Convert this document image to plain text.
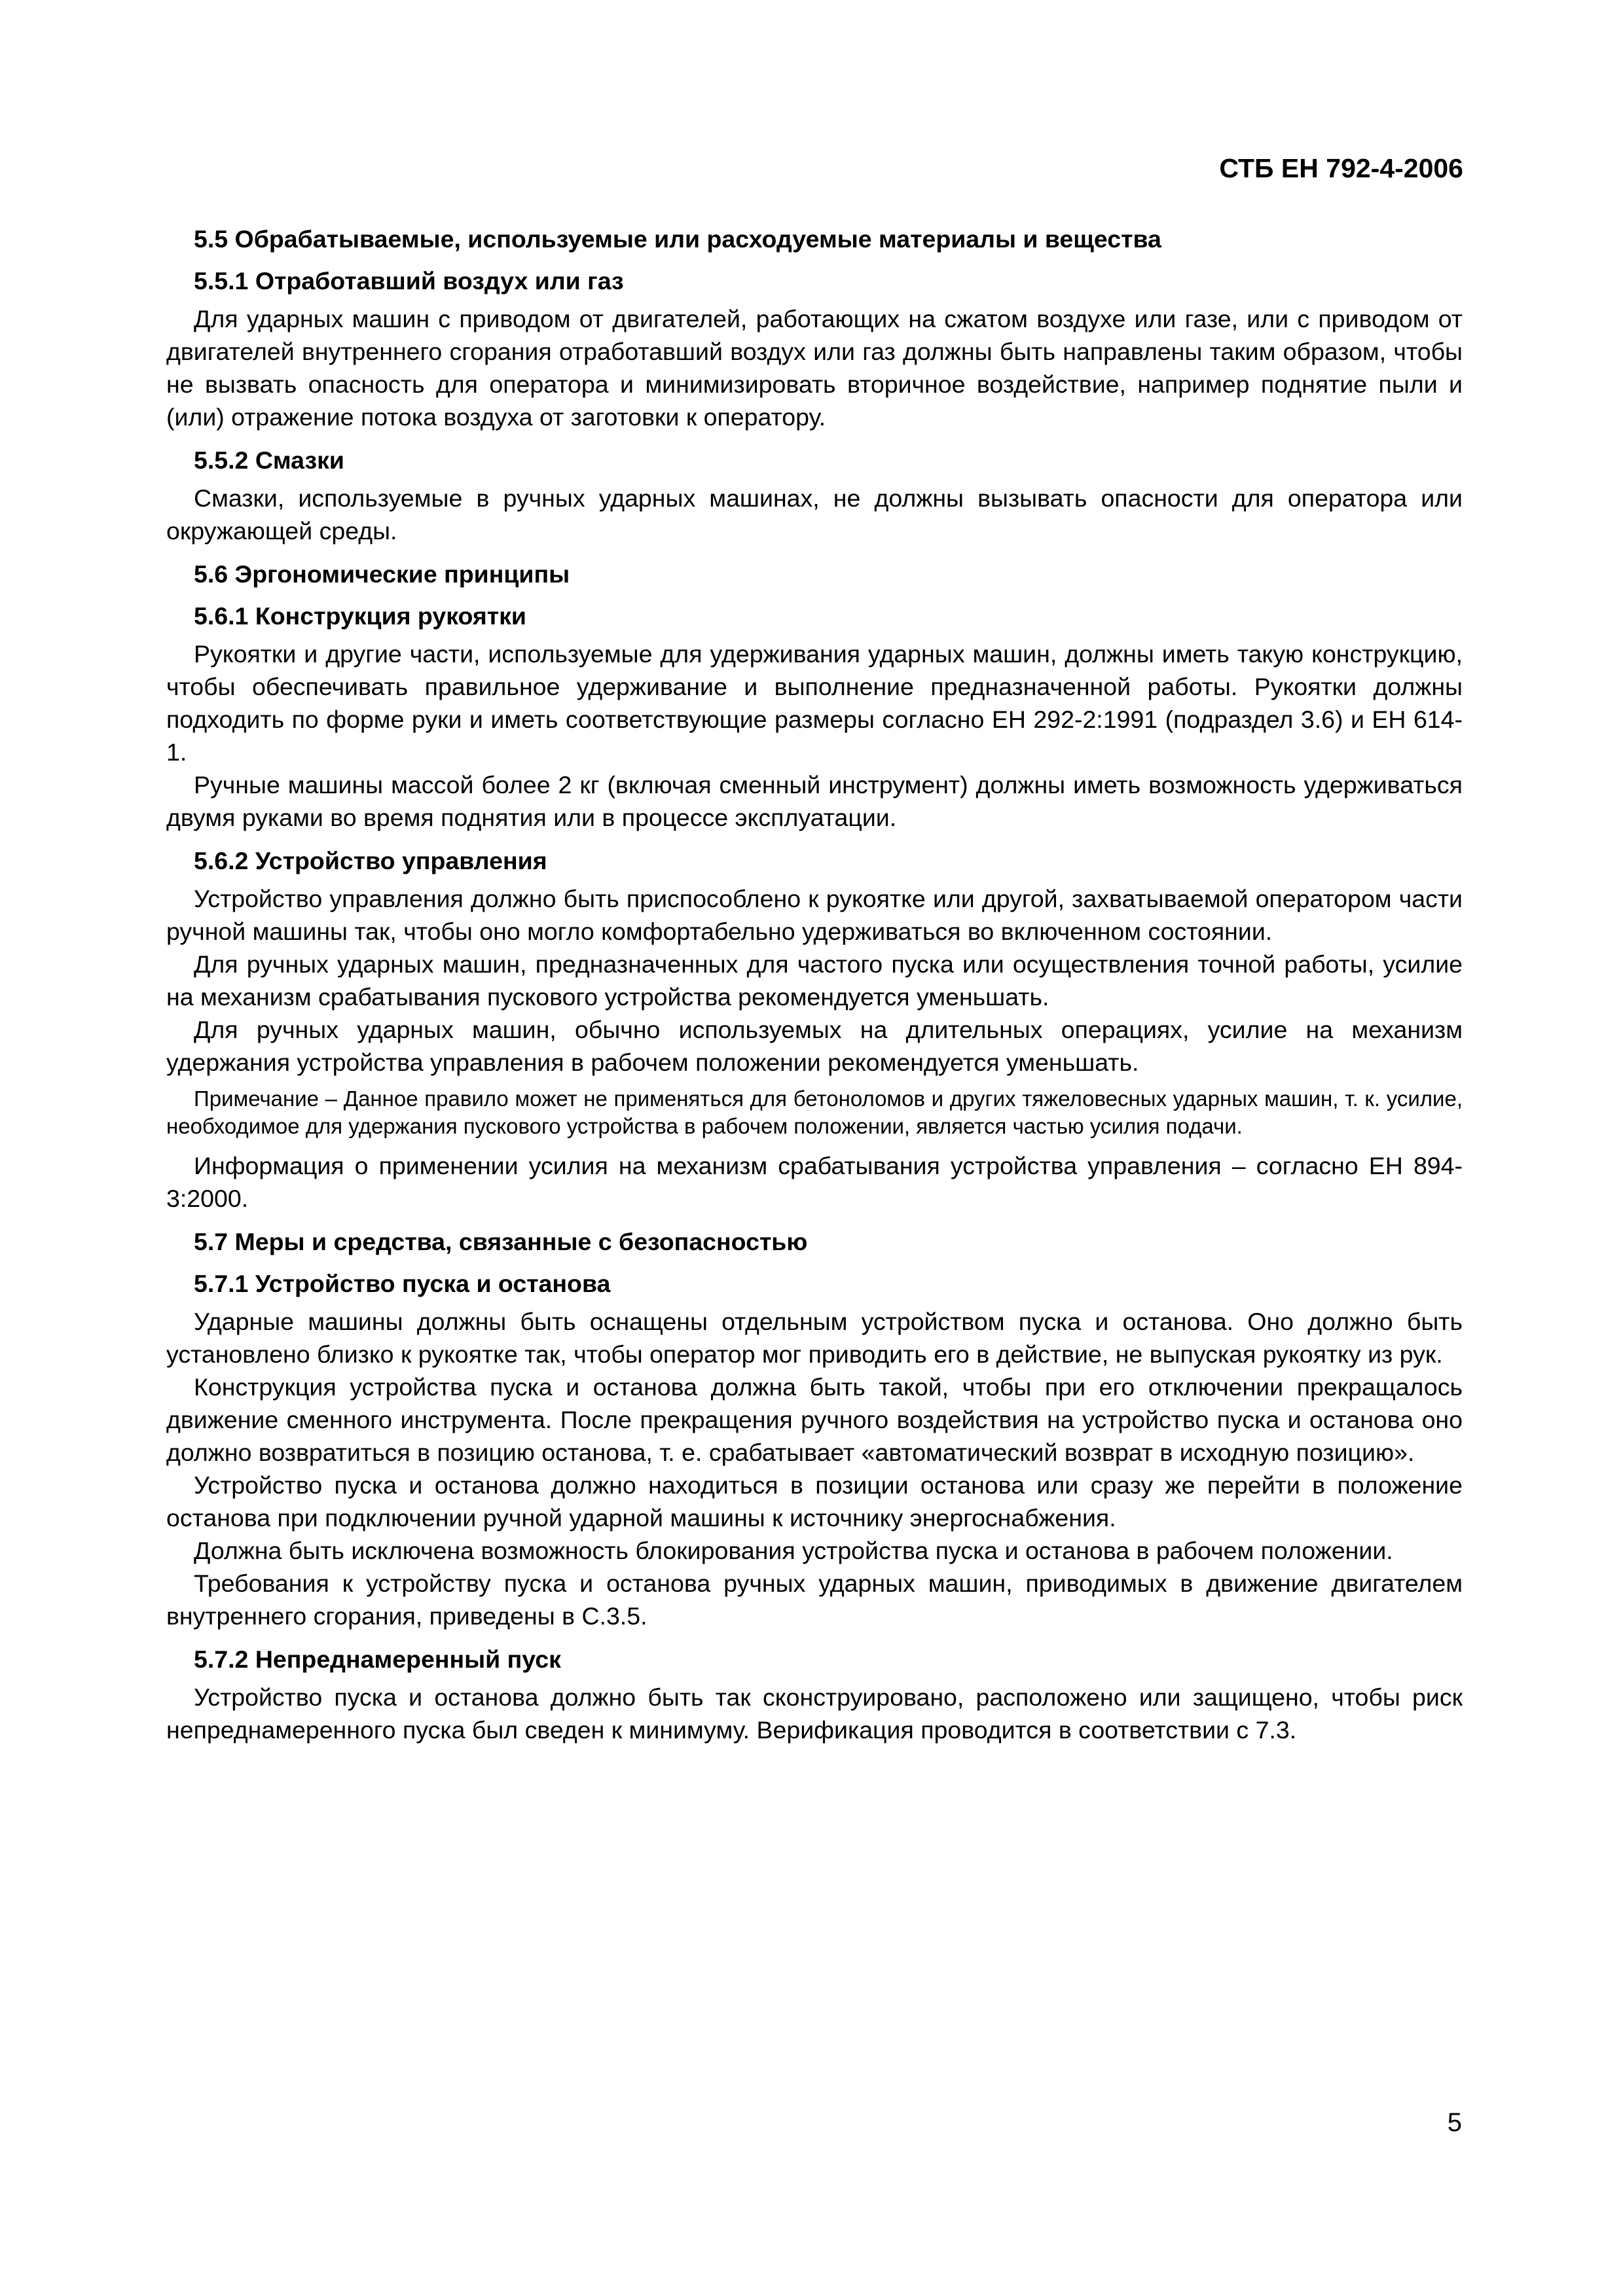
СТБ ЕН 792-4-2006

5.5 Обрабатываемые, используемые или расходуемые материалы и вещества

5.5.1 Отработавший воздух или газ

Для ударных машин с приводом от двигателей, работающих на сжатом воздухе или газе, или с приводом от двигателей внутреннего сгорания отработавший воздух или газ должны быть направлены таким образом, чтобы не вызвать опасность для оператора и минимизировать вторичное воздействие, например поднятие пыли и (или) отражение потока воздуха от заготовки к оператору.

5.5.2 Смазки

Смазки, используемые в ручных ударных машинах, не должны вызывать опасности для оператора или окружающей среды.

5.6 Эргономические принципы

5.6.1 Конструкция рукоятки

Рукоятки и другие части, используемые для удерживания ударных машин, должны иметь такую конструкцию, чтобы обеспечивать правильное удерживание и выполнение предназначенной работы. Рукоятки должны подходить по форме руки и иметь соответствующие размеры согласно ЕН 292-2:1991 (подраздел 3.6) и ЕН 614-1.

Ручные машины массой более 2 кг (включая сменный инструмент) должны иметь возможность удерживаться двумя руками во время поднятия или в процессе эксплуатации.

5.6.2 Устройство управления

Устройство управления должно быть приспособлено к рукоятке или другой, захватываемой оператором части ручной машины так, чтобы оно могло комфортабельно удерживаться во включенном состоянии.

Для ручных ударных машин, предназначенных для частого пуска или осуществления точной работы, усилие на механизм срабатывания пускового устройства рекомендуется уменьшать.

Для ручных ударных машин, обычно используемых на длительных операциях, усилие на механизм удержания устройства управления в рабочем положении рекомендуется уменьшать.

Примечание – Данное правило может не применяться для бетоноломов и других тяжеловесных ударных машин, т. к. усилие, необходимое для удержания пускового устройства в рабочем положении, является частью усилия подачи.

Информация о применении усилия на механизм срабатывания устройства управления – согласно ЕН 894-3:2000.

5.7 Меры и средства, связанные с безопасностью

5.7.1 Устройство пуска и останова

Ударные машины должны быть оснащены отдельным устройством пуска и останова. Оно должно быть установлено близко к рукоятке так, чтобы оператор мог приводить его в действие, не выпуская рукоятку из рук.

Конструкция устройства пуска и останова должна быть такой, чтобы при его отключении прекращалось движение сменного инструмента. После прекращения ручного воздействия на устройство пуска и останова оно должно возвратиться в позицию останова, т. е. срабатывает «автоматический возврат в исходную позицию».

Устройство пуска и останова должно находиться в позиции останова или сразу же перейти в положение останова при подключении ручной ударной машины к источнику энергоснабжения.

Должна быть исключена возможность блокирования устройства пуска и останова в рабочем положении.

Требования к устройству пуска и останова ручных ударных машин, приводимых в движение двигателем внутреннего сгорания, приведены в С.3.5.

5.7.2 Непреднамеренный пуск

Устройство пуска и останова должно быть так сконструировано, расположено или защищено, чтобы риск непреднамеренного пуска был сведен к минимуму. Верификация проводится в соответствии с 7.3.

5
